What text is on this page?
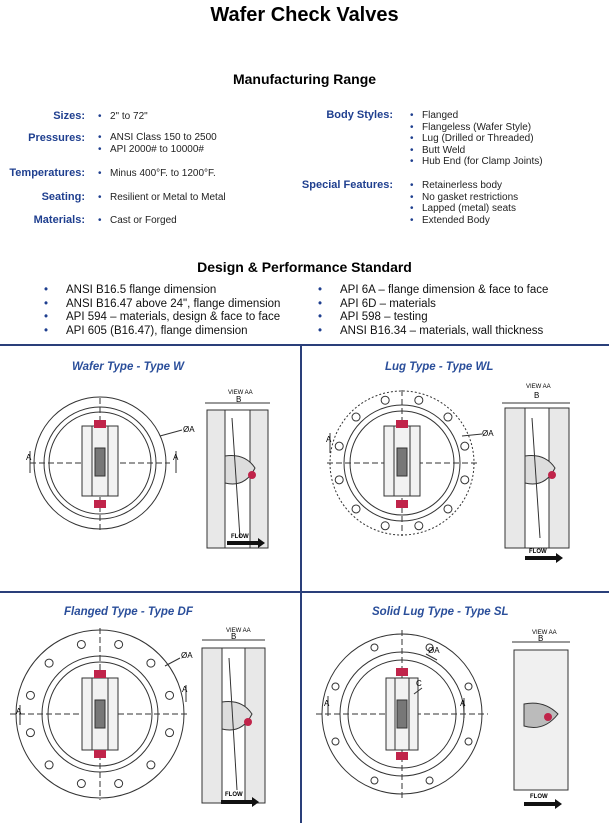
Wafer Check Valves
Manufacturing Range
Sizes:	• 2" to 72"
Pressures:	• ANSI Class 150 to 2500
• API 2000# to 10000#
Temperatures:	• Minus 400°F. to 1200°F.
Seating:	• Resilient or Metal to Metal
Materials:	• Cast or Forged
Body Styles:	• Flanged
• Flangeless (Wafer Style)
• Lug (Drilled or Threaded)
• Butt Weld
• Hub End (for Clamp Joints)
Special Features:	• Retainerless body
• No gasket restrictions
• Lapped (metal) seats
• Extended Body
Design & Performance Standard
• ANSI B16.5 flange dimension
• ANSI B16.47 above 24", flange dimension
• API 594 – materials, design & face to face
• API 605 (B16.47), flange dimension
• API 6A – flange dimension & face to face
• API 6D – materials
• API 598 – testing
• ANSI B16.34 – materials, wall thickness
Wafer Type - Type W	Lug Type - Type WL
Flanged Type - Type DF	Solid Lug Type - Type SL
A	A
ØA
VIEW AA
B
FLOW
A
ØA
VIEW AA
B
FLOW
A
A
ØA
VIEW AA
B
FLOW
A	A
C
ØA
VIEW AA
B
FLOW
